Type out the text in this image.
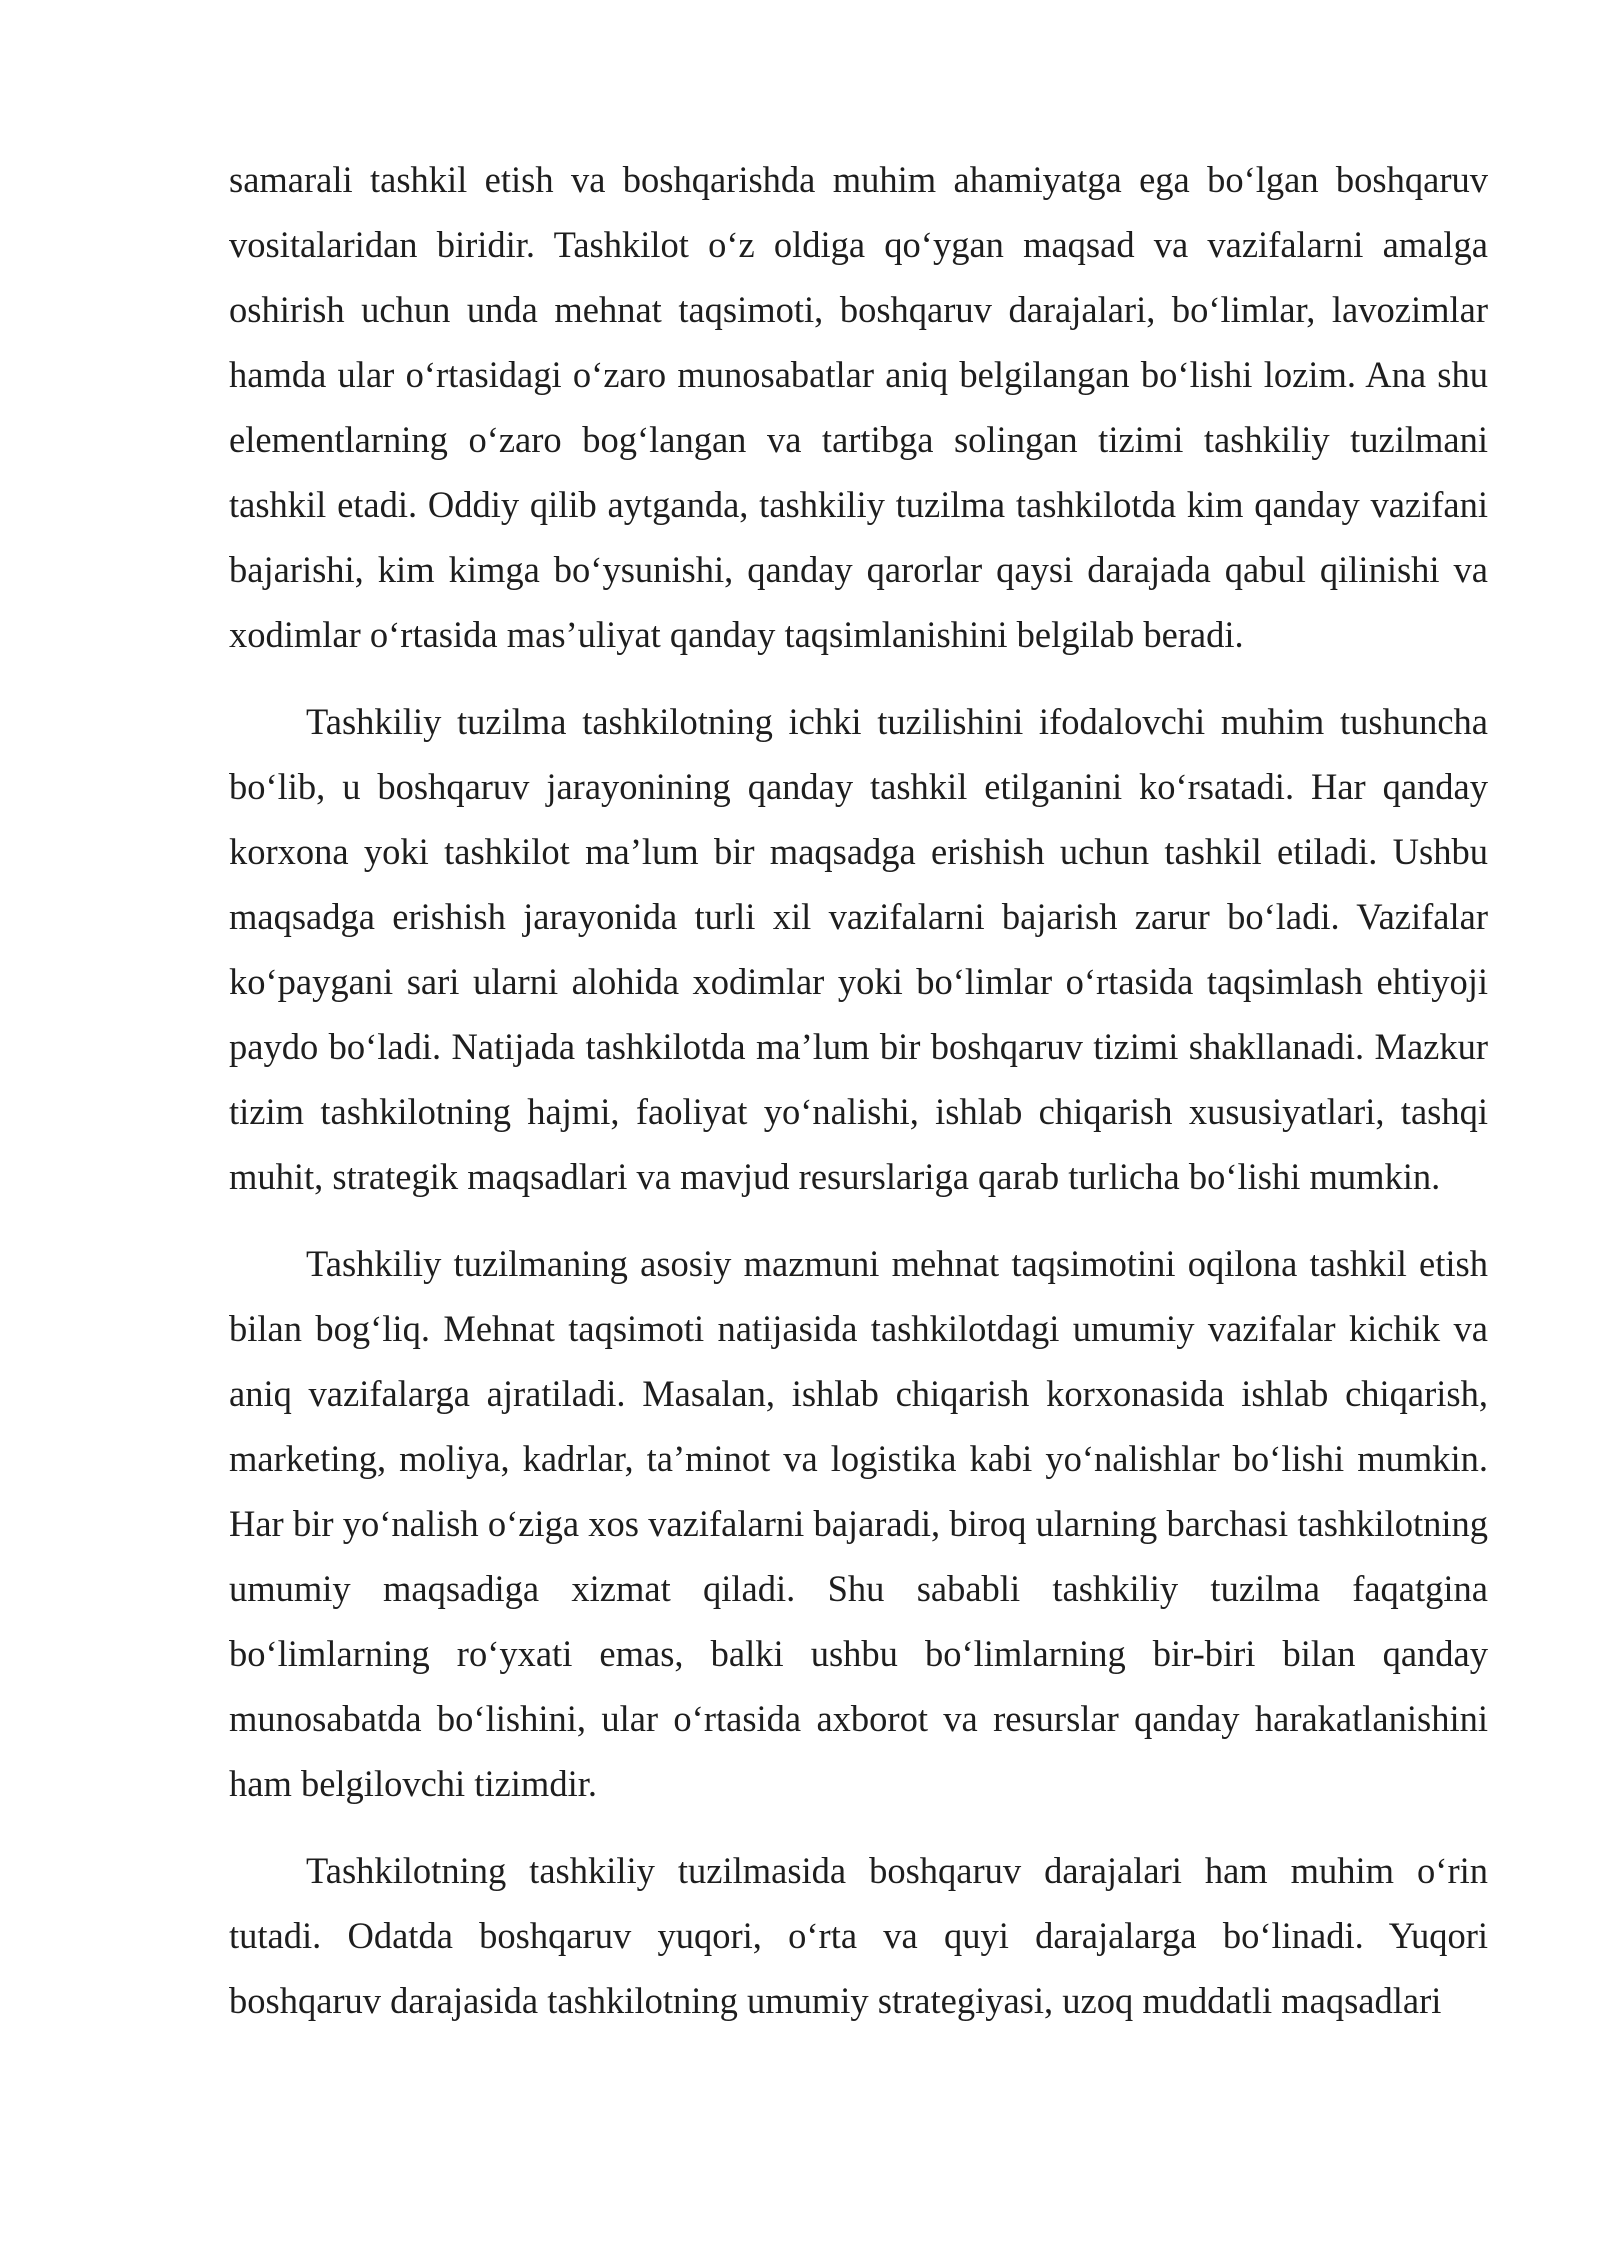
samarali tashkil etish va boshqarishda muhim ahamiyatga ega boʻlgan boshqaruv vositalaridan biridir. Tashkilot oʻz oldiga qoʻygan maqsad va vazifalarni amalga oshirish uchun unda mehnat taqsimoti, boshqaruv darajalari, boʻlimlar, lavozimlar hamda ular oʻrtasidagi oʻzaro munosabatlar aniq belgilangan boʻlishi lozim. Ana shu elementlarning oʻzaro bogʻlangan va tartibga solingan tizimi tashkiliy tuzilmani tashkil etadi. Oddiy qilib aytganda, tashkiliy tuzilma tashkilotda kim qanday vazifani bajarishi, kim kimga boʻysunishi, qanday qarorlar qaysi darajada qabul qilinishi va xodimlar oʻrtasida masʼuliyat qanday taqsimlanishini belgilab beradi.

Tashkiliy tuzilma tashkilotning ichki tuzilishini ifodalovchi muhim tushuncha boʻlib, u boshqaruv jarayonining qanday tashkil etilganini koʻrsatadi. Har qanday korxona yoki tashkilot maʼlum bir maqsadga erishish uchun tashkil etiladi. Ushbu maqsadga erishish jarayonida turli xil vazifalarni bajarish zarur boʻladi. Vazifalar koʻpaygani sari ularni alohida xodimlar yoki boʻlimlar oʻrtasida taqsimlash ehtiyoji paydo boʻladi. Natijada tashkilotda maʼlum bir boshqaruv tizimi shakllanadi. Mazkur tizim tashkilotning hajmi, faoliyat yoʻnalishi, ishlab chiqarish xususiyatlari, tashqi muhit, strategik maqsadlari va mavjud resurslariga qarab turlicha boʻlishi mumkin.

Tashkiliy tuzilmaning asosiy mazmuni mehnat taqsimotini oqilona tashkil etish bilan bogʻliq. Mehnat taqsimoti natijasida tashkilotdagi umumiy vazifalar kichik va aniq vazifalarga ajratiladi. Masalan, ishlab chiqarish korxonasida ishlab chiqarish, marketing, moliya, kadrlar, taʼminot va logistika kabi yoʻnalishlar boʻlishi mumkin. Har bir yoʻnalish oʻziga xos vazifalarni bajaradi, biroq ularning barchasi tashkilotning umumiy maqsadiga xizmat qiladi. Shu sababli tashkiliy tuzilma faqatgina boʻlimlarning roʻyxati emas, balki ushbu boʻlimlarning bir-biri bilan qanday munosabatda boʻlishini, ular oʻrtasida axborot va resurslar qanday harakatlanishini ham belgilovchi tizimdir.

Tashkilotning tashkiliy tuzilmasida boshqaruv darajalari ham muhim oʻrin tutadi. Odatda boshqaruv yuqori, oʻrta va quyi darajalarga boʻlinadi. Yuqori boshqaruv darajasida tashkilotning umumiy strategiyasi, uzoq muddatli maqsadlari
